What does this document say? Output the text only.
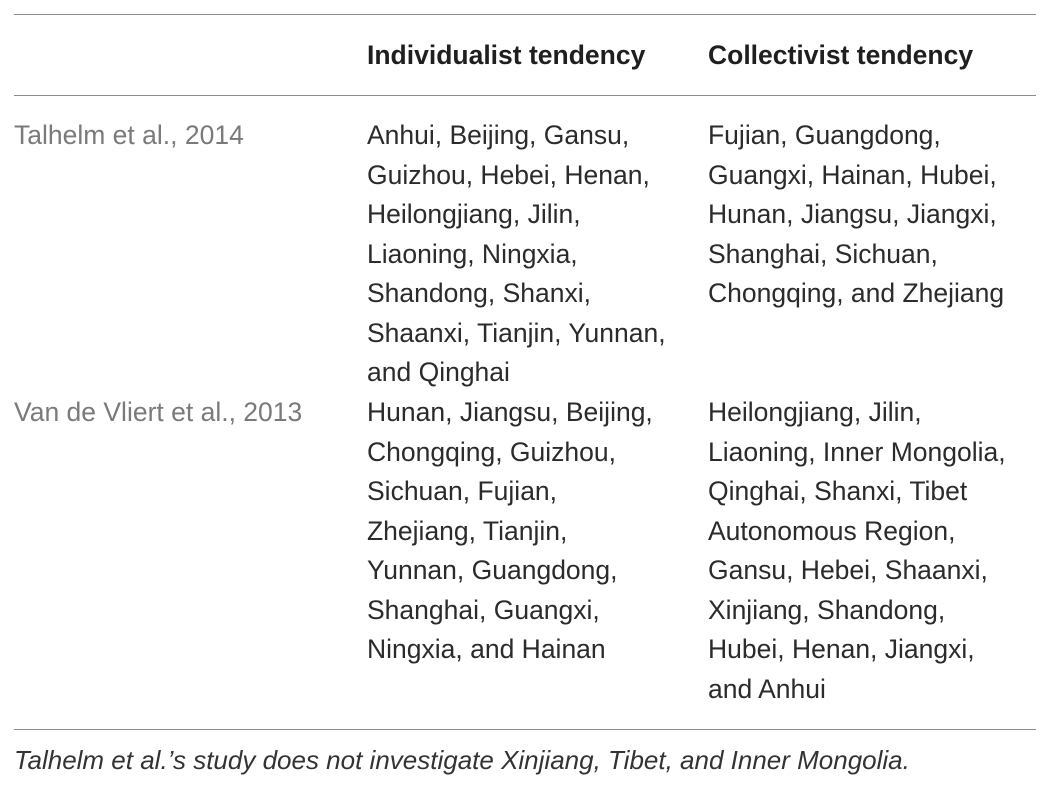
Individualist tendency Collectivist tendency
Talhelm et al., 2014	Anhui, Beijing, Gansu,
Guizhou, Hebei, Henan,
Heilongjiang, Jilin,
Liaoning, Ningxia,
Shandong, Shanxi,
Shaanxi, Tianjin, Yunnan,
and Qinghai
Fujian, Guangdong,
Guangxi, Hainan, Hubei,
Hunan, Jiangsu, Jiangxi,
Shanghai, Sichuan,
Chongqing, and Zhejiang
Van de Vliert et al., 2013 Hunan, Jiangsu, Beijing,
Chongqing, Guizhou,
Sichuan, Fujian,
Zhejiang, Tianjin,
Yunnan, Guangdong,
Shanghai, Guangxi,
Ningxia, and Hainan
Heilongjiang, Jilin,
Liaoning, Inner Mongolia,
Qinghai, Shanxi, Tibet
Autonomous Region,
Gansu, Hebei, Shaanxi,
Xinjiang, Shandong,
Hubei, Henan, Jiangxi,
and Anhui
Talhelm et al.’s study does not investigate Xinjiang, Tibet, and Inner Mongolia.
